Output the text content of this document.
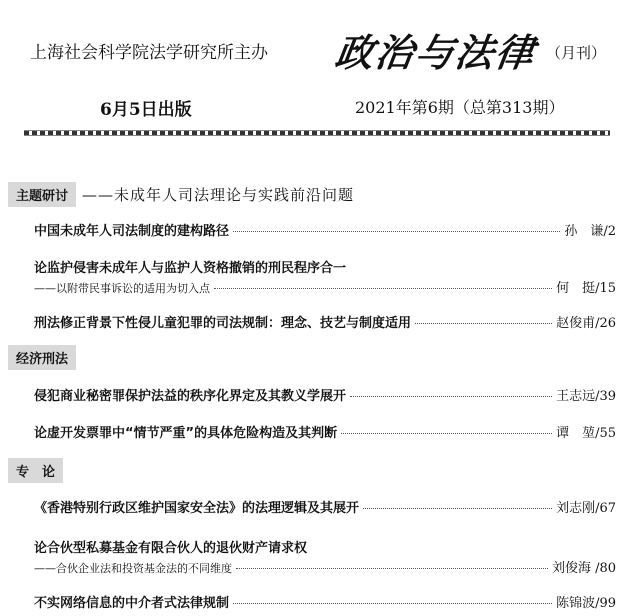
上海社会科学院法学研究所主办 政治与法律 （月刊）
6月5日出版	2021年第6期（总第313期）
主题研讨 ——未成年人司法理论与实践前沿问题
中国未成年人司法制度的建构路径	孙　谦/2
论监护侵害未成年人与监护人资格撤销的刑民程序合一
——以附带民事诉讼的适用为切入点	何　挺/15
刑法修正背景下性侵儿童犯罪的司法规制：理念、技艺与制度适用	赵俊甫/26
经济刑法
侵犯商业秘密罪保护法益的秩序化界定及其教义学展开	王志远/39
论虚开发票罪中“情节严重”的具体危险构造及其判断	谭　堃/55
专　论
《香港特别行政区维护国家安全法》的法理逻辑及其展开	刘志刚/67
论合伙型私募基金有限合伙人的退伙财产请求权
——合伙企业法和投资基金法的不同维度	刘俊海 /80
不实网络信息的中介者式法律规制	陈锦波/99
